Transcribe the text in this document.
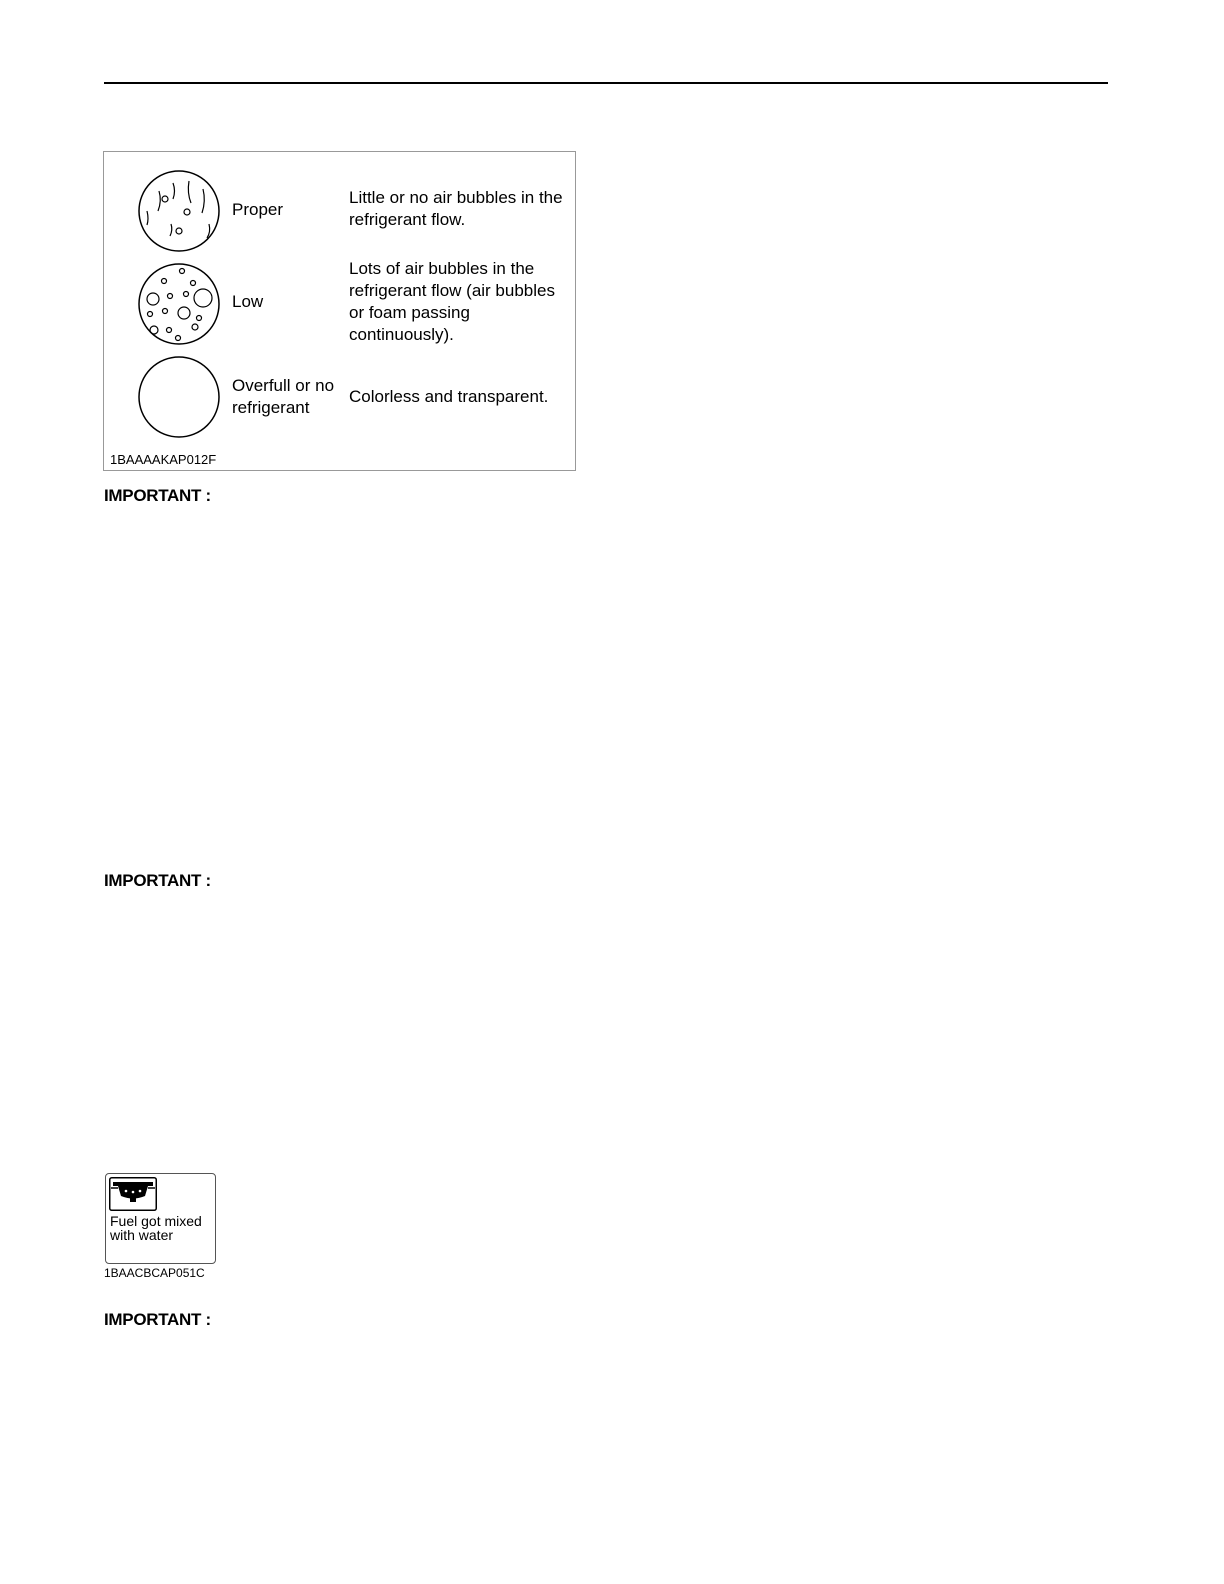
Proper
Little or no air bubbles in the refrigerant flow.
Low
Lots of air bubbles in the refrigerant flow (air bubbles or foam passing continuously).
Overfull or no refrigerant
Colorless and transparent.
1BAAAAKAP012F
IMPORTANT :
IMPORTANT :
Fuel got mixed with water
1BAACBCAP051C
IMPORTANT :
